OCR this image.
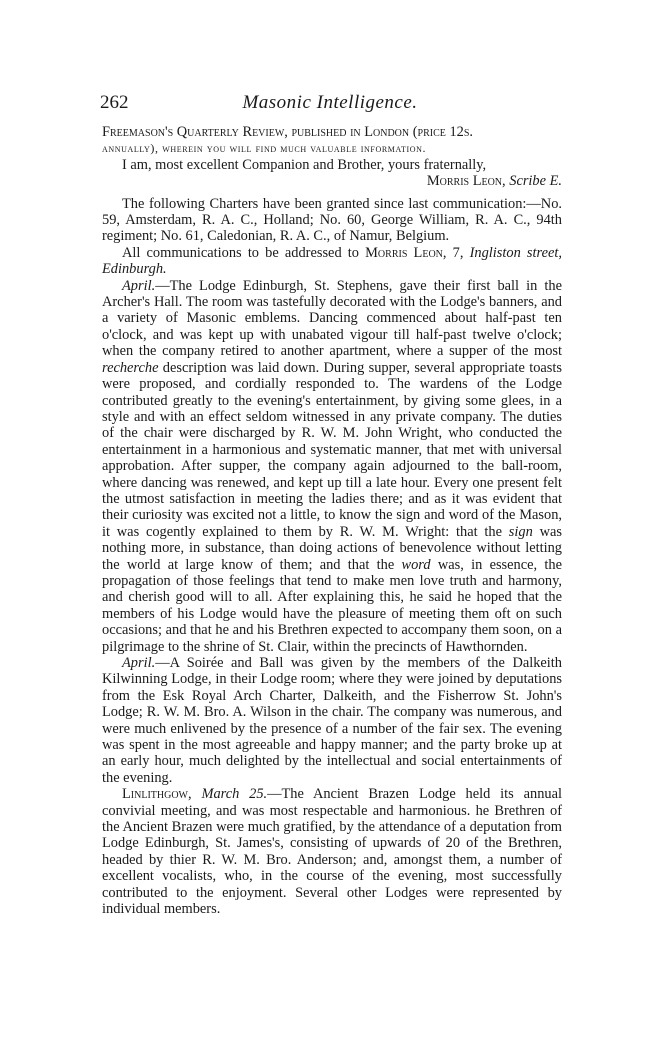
262	Masonic Intelligence.

Freemason's Quarterly Review, published in London (price 12s.

annually), wherein you will find much valuable information.

I am, most excellent Companion and Brother, yours fraternally,

Morris Leon, Scribe E.

The following Charters have been granted since last communication:—No. 59, Amsterdam, R. A. C., Holland; No. 60, George William, R. A. C., 94th regiment; No. 61, Caledonian, R. A. C., of Namur, Belgium.

All communications to be addressed to Morris Leon, 7, Ingliston street, Edinburgh.

April.—The Lodge Edinburgh, St. Stephens, gave their first ball in the Archer's Hall. The room was tastefully decorated with the Lodge's banners, and a variety of Masonic emblems. Dancing commenced about half-past ten o'clock, and was kept up with unabated vigour till half-past twelve o'clock; when the company retired to another apartment, where a supper of the most recherche description was laid down. During supper, several appropriate toasts were proposed, and cordially responded to. The wardens of the Lodge contributed greatly to the evening's entertainment, by giving some glees, in a style and with an effect seldom witnessed in any private company. The duties of the chair were discharged by R. W. M. John Wright, who conducted the entertainment in a harmonious and systematic manner, that met with universal approbation. After supper, the company again adjourned to the ball-room, where dancing was renewed, and kept up till a late hour. Every one present felt the utmost satisfaction in meeting the ladies there; and as it was evident that their curiosity was excited not a little, to know the sign and word of the Mason, it was cogently explained to them by R. W. M. Wright: that the sign was nothing more, in substance, than doing actions of benevolence without letting the world at large know of them; and that the word was, in essence, the propagation of those feelings that tend to make men love truth and harmony, and cherish good will to all. After explaining this, he said he hoped that the members of his Lodge would have the pleasure of meeting them oft on such occasions; and that he and his Brethren expected to accompany them soon, on a pilgrimage to the shrine of St. Clair, within the precincts of Hawthornden.

April.—A Soirée and Ball was given by the members of the Dalkeith Kilwinning Lodge, in their Lodge room; where they were joined by deputations from the Esk Royal Arch Charter, Dalkeith, and the Fisherrow St. John's Lodge; R. W. M. Bro. A. Wilson in the chair. The company was numerous, and were much enlivened by the presence of a number of the fair sex. The evening was spent in the most agreeable and happy manner; and the party broke up at an early hour, much delighted by the intellectual and social entertainments of the evening.

Linlithgow, March 25.—The Ancient Brazen Lodge held its annual convivial meeting, and was most respectable and harmonious. he Brethren of the Ancient Brazen were much gratified, by the attendance of a deputation from Lodge Edinburgh, St. James's, consisting of upwards of 20 of the Brethren, headed by thier R. W. M. Bro. Anderson; and, amongst them, a number of excellent vocalists, who, in the course of the evening, most successfully contributed to the enjoyment. Several other Lodges were represented by individual members.
